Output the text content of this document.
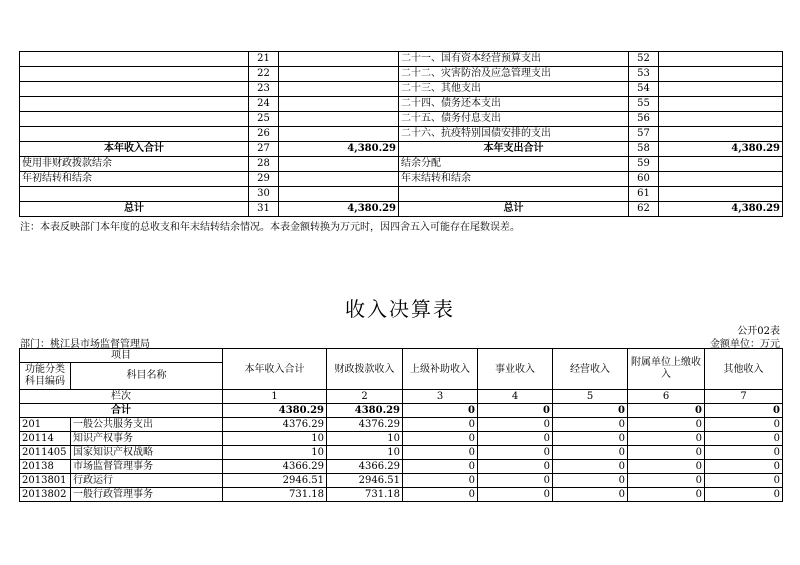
	21		二十一、国有资本经营预算支出	52	
	22		二十二、灾害防治及应急管理支出	53	
	23		二十三、其他支出	54	
	24		二十四、债务还本支出	55	
	25		二十五、债务付息支出	56	
	26		二十六、抗疫特别国债安排的支出	57	
本年收入合计	27	4,380.29	本年支出合计	58	4,380.29
使用非财政拨款结余	28		结余分配	59	
年初结转和结余	29		年末结转和结余	60	
	30			61	
总计	31	4,380.29	总计	62	4,380.29
注：本表反映部门本年度的总收支和年末结转结余情况。本表金额转换为万元时，因四舍五入可能存在尾数误差。
收入决算表
公开02表
部门：桃江县市场监督管理局	金额单位：万元
项目		本年收入合计	财政拨款收入	上级补助收入	事业收入	经营收入	附属单位上缴收入	其他收入
功能分类科目编码	科目名称							

栏次		1	2	3	4	5	6	7
合计		4380.29	4380.29	0	0	0	0	0
201	一般公共服务支出	4376.29	4376.29	0	0	0	0	0
20114	知识产权事务	10	10	0	0	0	0	0
2011405	国家知识产权战略	10	10	0	0	0	0	0
20138	市场监督管理事务	4366.29	4366.29	0	0	0	0	0
2013801	行政运行	2946.51	2946.51	0	0	0	0	0
2013802	一般行政管理事务	731.18	731.18	0	0	0	0	0
